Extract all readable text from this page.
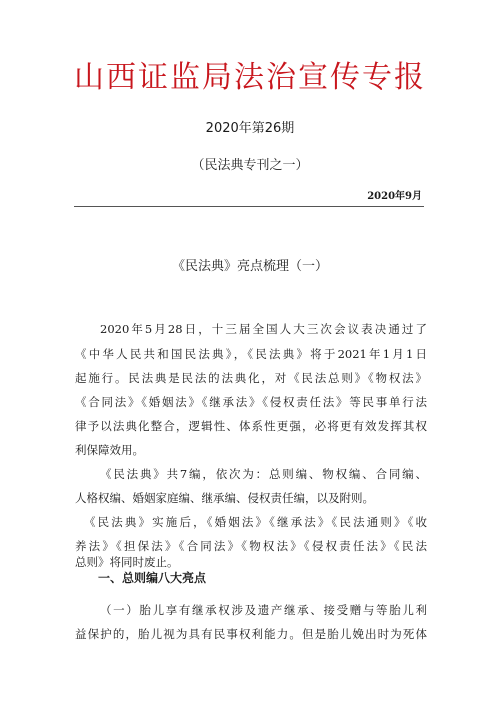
山西证监局法治宣传专报
2020年第26期
（民法典专刊之一）
2020年9月
《民法典》亮点梳理（一）
2020年5月28日，十三届全国人大三次会议表决通过了
《中华人民共和国民法典》，《民法典》将于2021年1月1日
起施行。民法典是民法的法典化，对《民法总则》《物权法》
《合同法》《婚姻法》《继承法》《侵权责任法》等民事单行法
律予以法典化整合，逻辑性、体系性更强，必将更有效发挥其权
利保障效用。
《民法典》共7编，依次为：总则编、物权编、合同编、
人格权编、婚姻家庭编、继承编、侵权责任编，以及附则。
《民法典》实施后，《婚姻法》《继承法》《民法通则》《收
养法》《担保法》《合同法》《物权法》《侵权责任法》《民法
总则》将同时废止。
一、总则编八大亮点
（一）胎儿享有继承权涉及遗产继承、接受赠与等胎儿利
益保护的，胎儿视为具有民事权利能力。但是胎儿娩出时为死体
